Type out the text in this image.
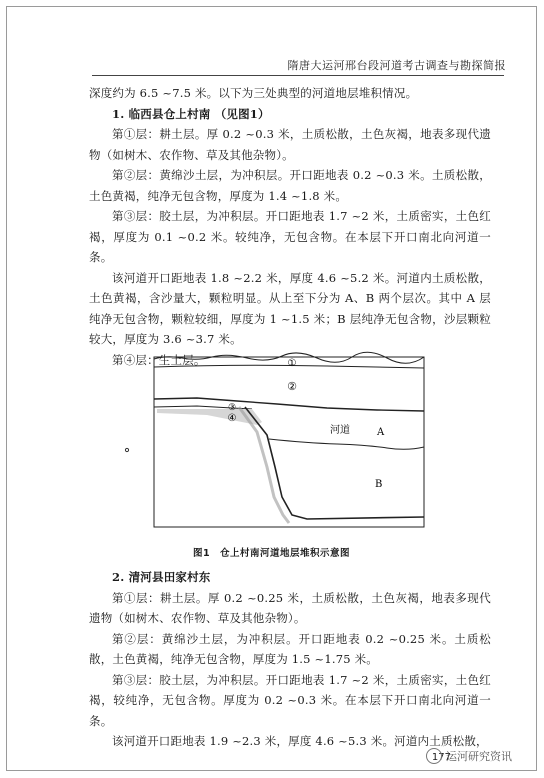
隋唐大运河邢台段河道考古调查与勘探简报

深度约为 6.5 ~7.5 米。以下为三处典型的河道地层堆积情况。

1. 临西县仓上村南 （见图1）

第①层：耕土层。厚 0.2 ~0.3 米，土质松散，土色灰褐，地表多现代遗物（如树木、农作物、草及其他杂物）。

第②层：黄绵沙土层，为冲积层。开口距地表 0.2 ~0.3 米。土质松散，土色黄褐，纯净无包含物，厚度为 1.4 ~1.8 米。

第③层：胶土层，为冲积层。开口距地表 1.7 ~2 米，土质密实，土色红褐，厚度为 0.1 ~0.2 米。较纯净，无包含物。在本层下开口南北向河道一条。

该河道开口距地表 1.8 ~2.2 米，厚度 4.6 ~5.2 米。河道内土质松散，土色黄褐，含沙量大，颗粒明显。从上至下分为 A、B 两个层次。其中 A 层纯净无包含物，颗粒较细，厚度为 1 ~1.5 米；B 层纯净无包含物，沙层颗粒较大，厚度为 3.6 ~3.7 米。

第④层：生土层。	①
②
③
④
河道	A
B
图1　仓上村南河道地层堆积示意图

2. 清河县田家村东

第①层：耕土层。厚 0.2 ~0.25 米，土质松散，土色灰褐，地表多现代遗物（如树木、农作物、草及其他杂物）。

第②层：黄绵沙土层，为冲积层。开口距地表 0.2 ~0.25 米。土质松散，土色黄褐，纯净无包含物，厚度为 1.5 ~1.75 米。

第③层：胶土层，为冲积层。开口距地表 1.7 ~2 米，土质密实，土色红褐，较纯净，无包含物。厚度为 0.2 ~0.3 米。在本层下开口南北向河道一条。

该河道开口距地表 1.9 ~2.3 米，厚度 4.6 ~5.3 米。河道内土质松散，

177
运河研究资讯
